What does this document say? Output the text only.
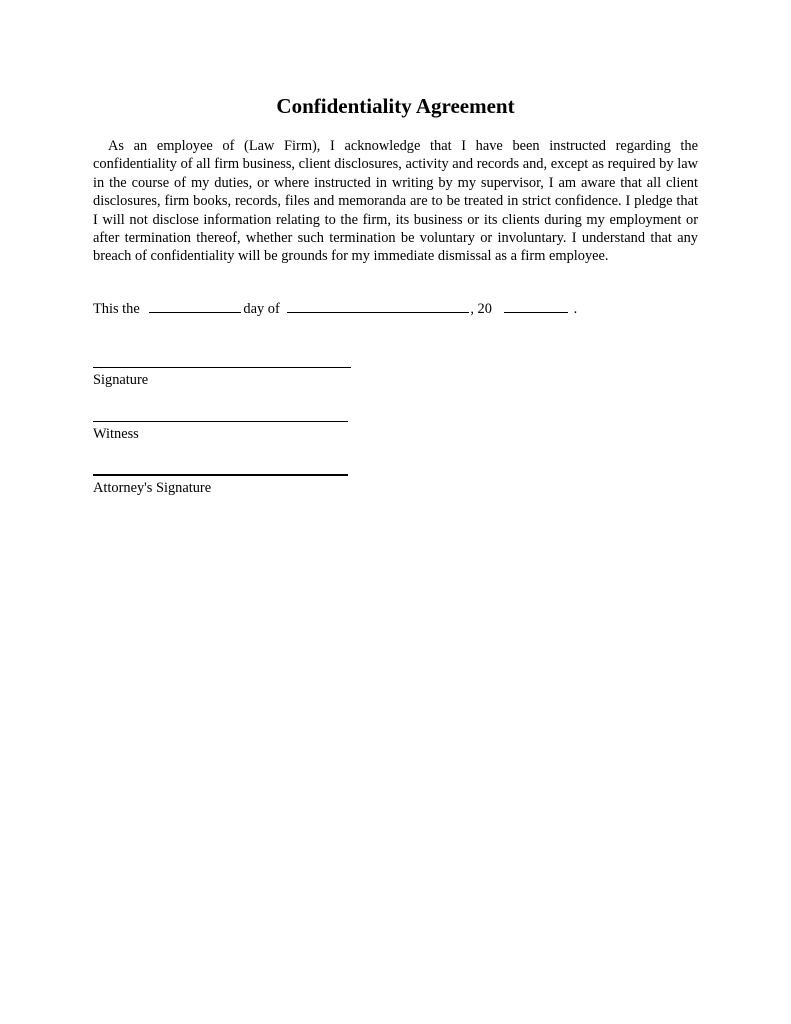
Confidentiality Agreement

As an employee of (Law Firm), I acknowledge that I have been instructed regarding the confidentiality of all firm business, client disclosures, activity and records and, except as required by law in the course of my duties, or where instructed in writing by my supervisor, I am aware that all client disclosures, firm books, records, files and memoranda are to be treated in strict confidence. I pledge that I will not disclose information relating to the firm, its business or its clients during my employment or after termination thereof, whether such termination be voluntary or involuntary. I understand that any breach of confidentiality will be grounds for my immediate dismissal as a firm employee.

This the	day of	, 20	.
Signature
Witness
Attorney's Signature
